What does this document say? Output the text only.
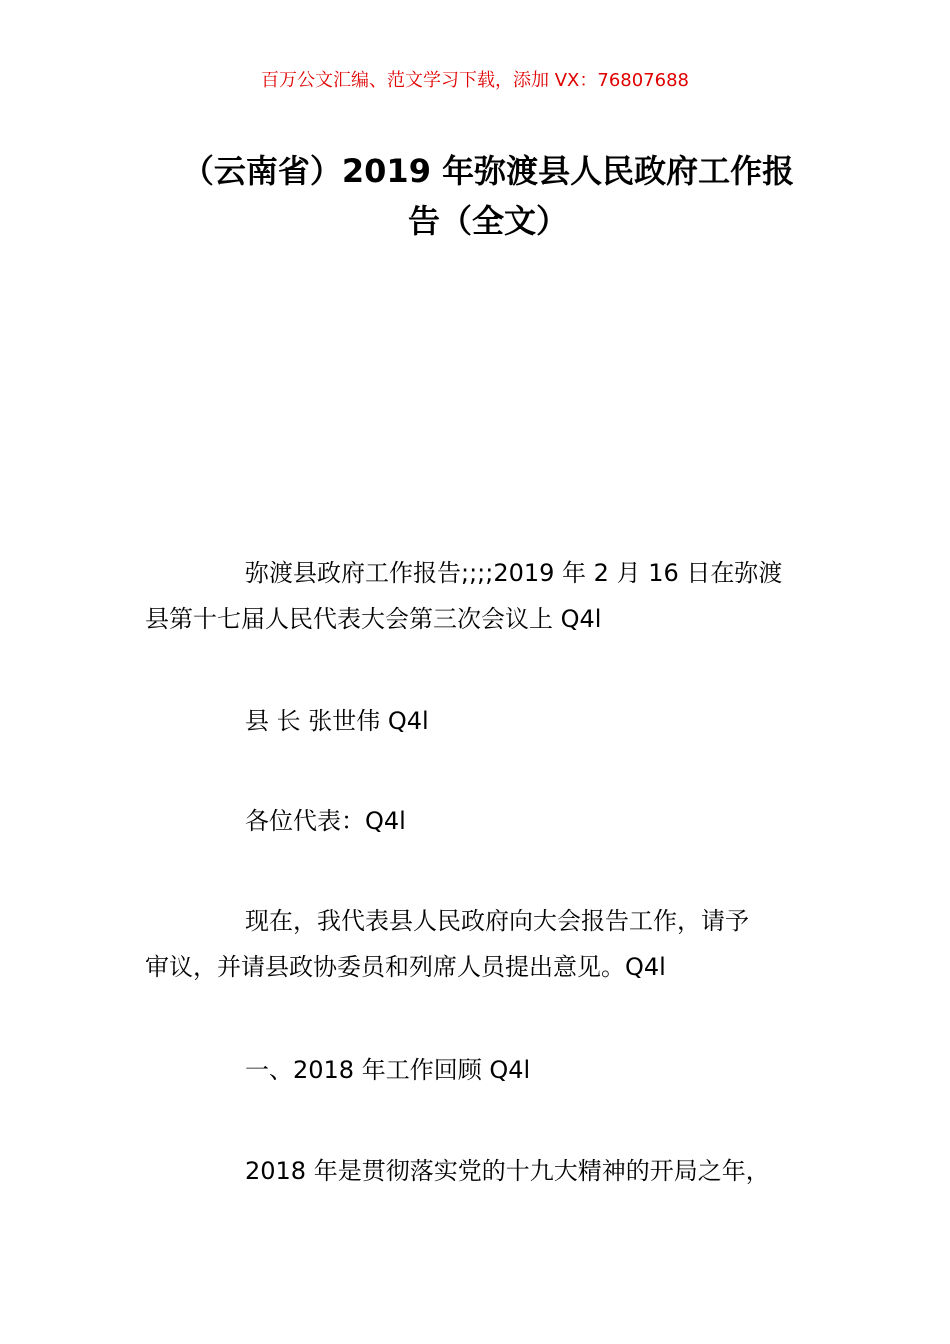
百万公文汇编、范文学习下载，添加 VX：76807688
（云南省）2019 年弥渡县人民政府工作报
告（全文）

弥渡县政府工作报告;;;;2019 年 2 月 16 日在弥渡
县第十七届人民代表大会第三次会议上 Q4l

县 长 张世伟 Q4l

各位代表：Q4l

现在，我代表县人民政府向大会报告工作，请予
审议，并请县政协委员和列席人员提出意见。Q4l

一、2018 年工作回顾 Q4l

2018 年是贯彻落实党的十九大精神的开局之年，
